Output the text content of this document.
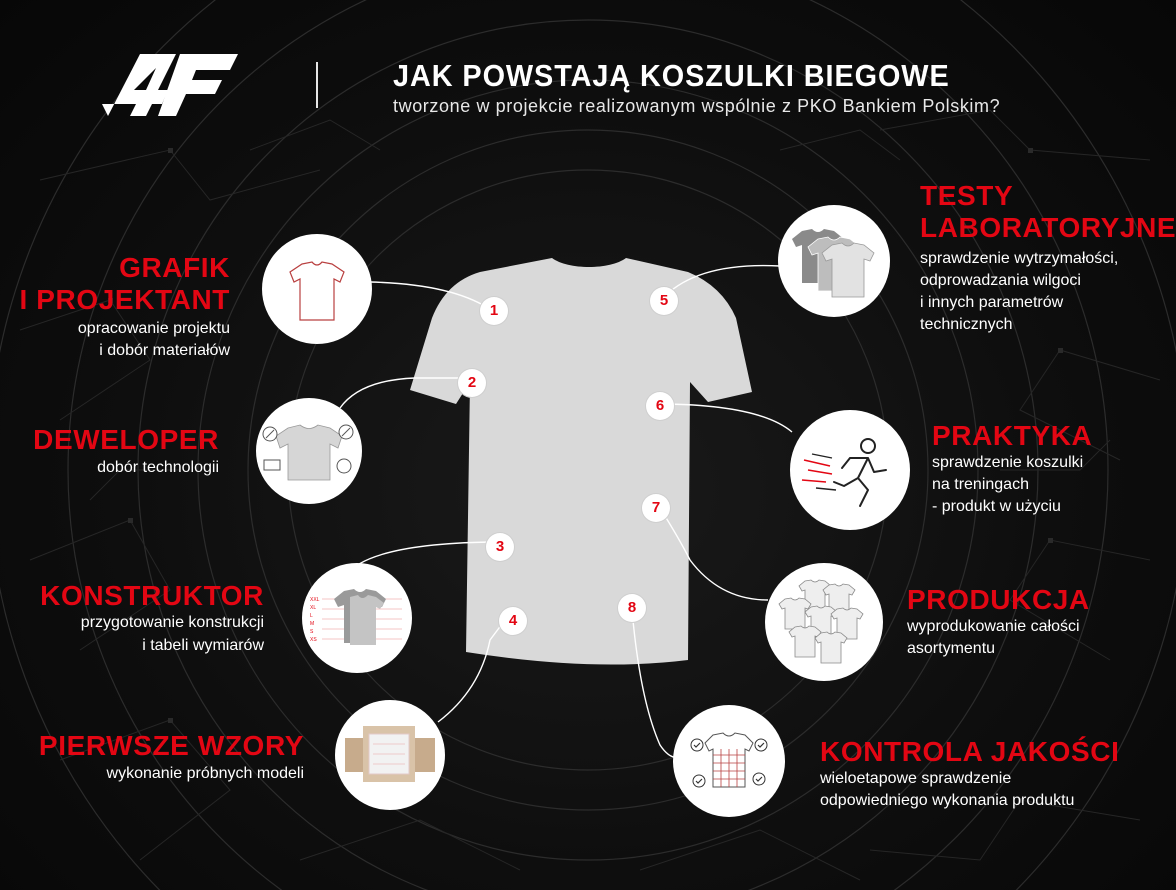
JAK POWSTAJĄ KOSZULKI BIEGOWE
tworzone w projekcie realizowanym wspólnie z PKO Bankiem Polskim?
XXL
XL
L
M
S
XS
1
2
3
4
5
6
7
8
GRAFIK
I PROJEKTANT
opracowanie projektu
i dobór materiałów
DEWELOPER
dobór technologii
KONSTRUKTOR
przygotowanie konstrukcji
i tabeli wymiarów
PIERWSZE WZORY
wykonanie próbnych modeli
TESTY
LABORATORYJNE
sprawdzenie wytrzymałości,
odprowadzania wilgoci
i innych parametrów
technicznych
PRAKTYKA
sprawdzenie koszulki
na treningach
- produkt w użyciu
PRODUKCJA
wyprodukowanie całości
asortymentu
KONTROLA JAKOŚCI
wieloetapowe sprawdzenie
odpowiedniego wykonania produktu
